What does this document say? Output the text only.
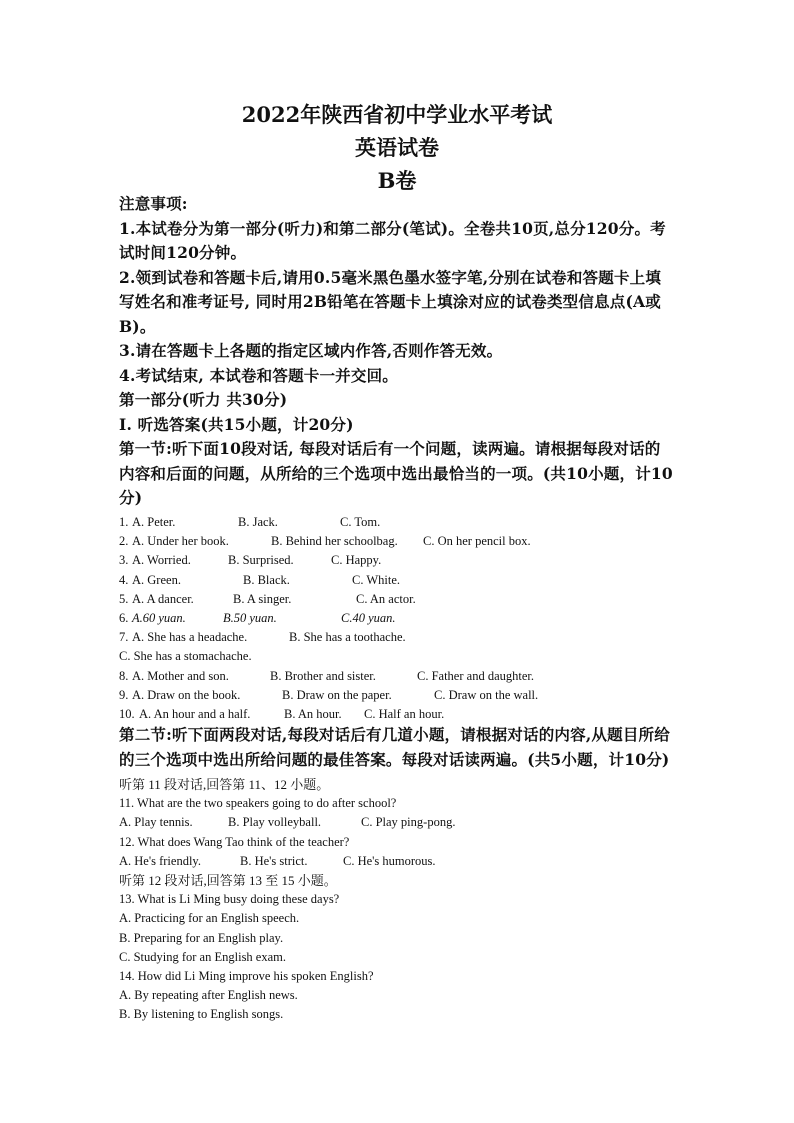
2022年陕西省初中学业水平考试
英语试卷
B卷
注意事项:
1.本试卷分为第一部分(听力)和第二部分(笔试)。全卷共10页,总分120分。考试时间120分钟。
2.领到试卷和答题卡后,请用0.5毫米黑色墨水签字笔,分别在试卷和答题卡上填写姓名和准考证号, 同时用2B铅笔在答题卡上填涂对应的试卷类型信息点(A或B)。
3.请在答题卡上各题的指定区域内作答,否则作答无效。
4.考试结束, 本试卷和答题卡一并交回。
第一部分(听力 共30分)
I. 听选答案(共15小题，计20分)
第一节:听下面10段对话, 每段对话后有一个问题，读两遍。请根据每段对话的内容和后面的问题，从所给的三个选项中选出最恰当的一项。(共10小题，计10分)
1. A. Peter.	B. Jack.	C. Tom.
2. A. Under her book.	B. Behind her schoolbag. C. On her pencil box.
3. A. Worried.	B. Surprised.	C. Happy.
4. A. Green.	B. Black.	C. White.
5. A. A dancer.	B. A singer.	C. An actor.
6. A.60 yuan.	B.50 yuan.	C.40 yuan.
7. A. She has a headache.	B. She has a toothache.
C. She has a stomachache.
8. A. Mother and son.	B. Brother and sister.	C. Father and daughter.
9. A. Draw on the book.	B. Draw on the paper.	C. Draw on the wall.
10. A. An hour and a half.	B. An hour. C. Half an hour.
第二节:听下面两段对话,每段对话后有几道小题，请根据对话的内容,从题目所给的三个选项中选出所给问题的最佳答案。每段对话读两遍。(共5小题，计10分)
听第 11 段对话,回答第 11、12 小题。
11. What are the two speakers going to do after school?
A. Play tennis.	B. Play volleyball.	C. Play ping-pong.
12. What does Wang Tao think of the teacher?
A. He's friendly.	B. He's strict.	C. He's humorous.
听第 12 段对话,回答第 13 至 15 小题。
13. What is Li Ming busy doing these days?
A. Practicing for an English speech.
B. Preparing for an English play.
C. Studying for an English exam.
14. How did Li Ming improve his spoken English?
A. By repeating after English news.
B. By listening to English songs.
